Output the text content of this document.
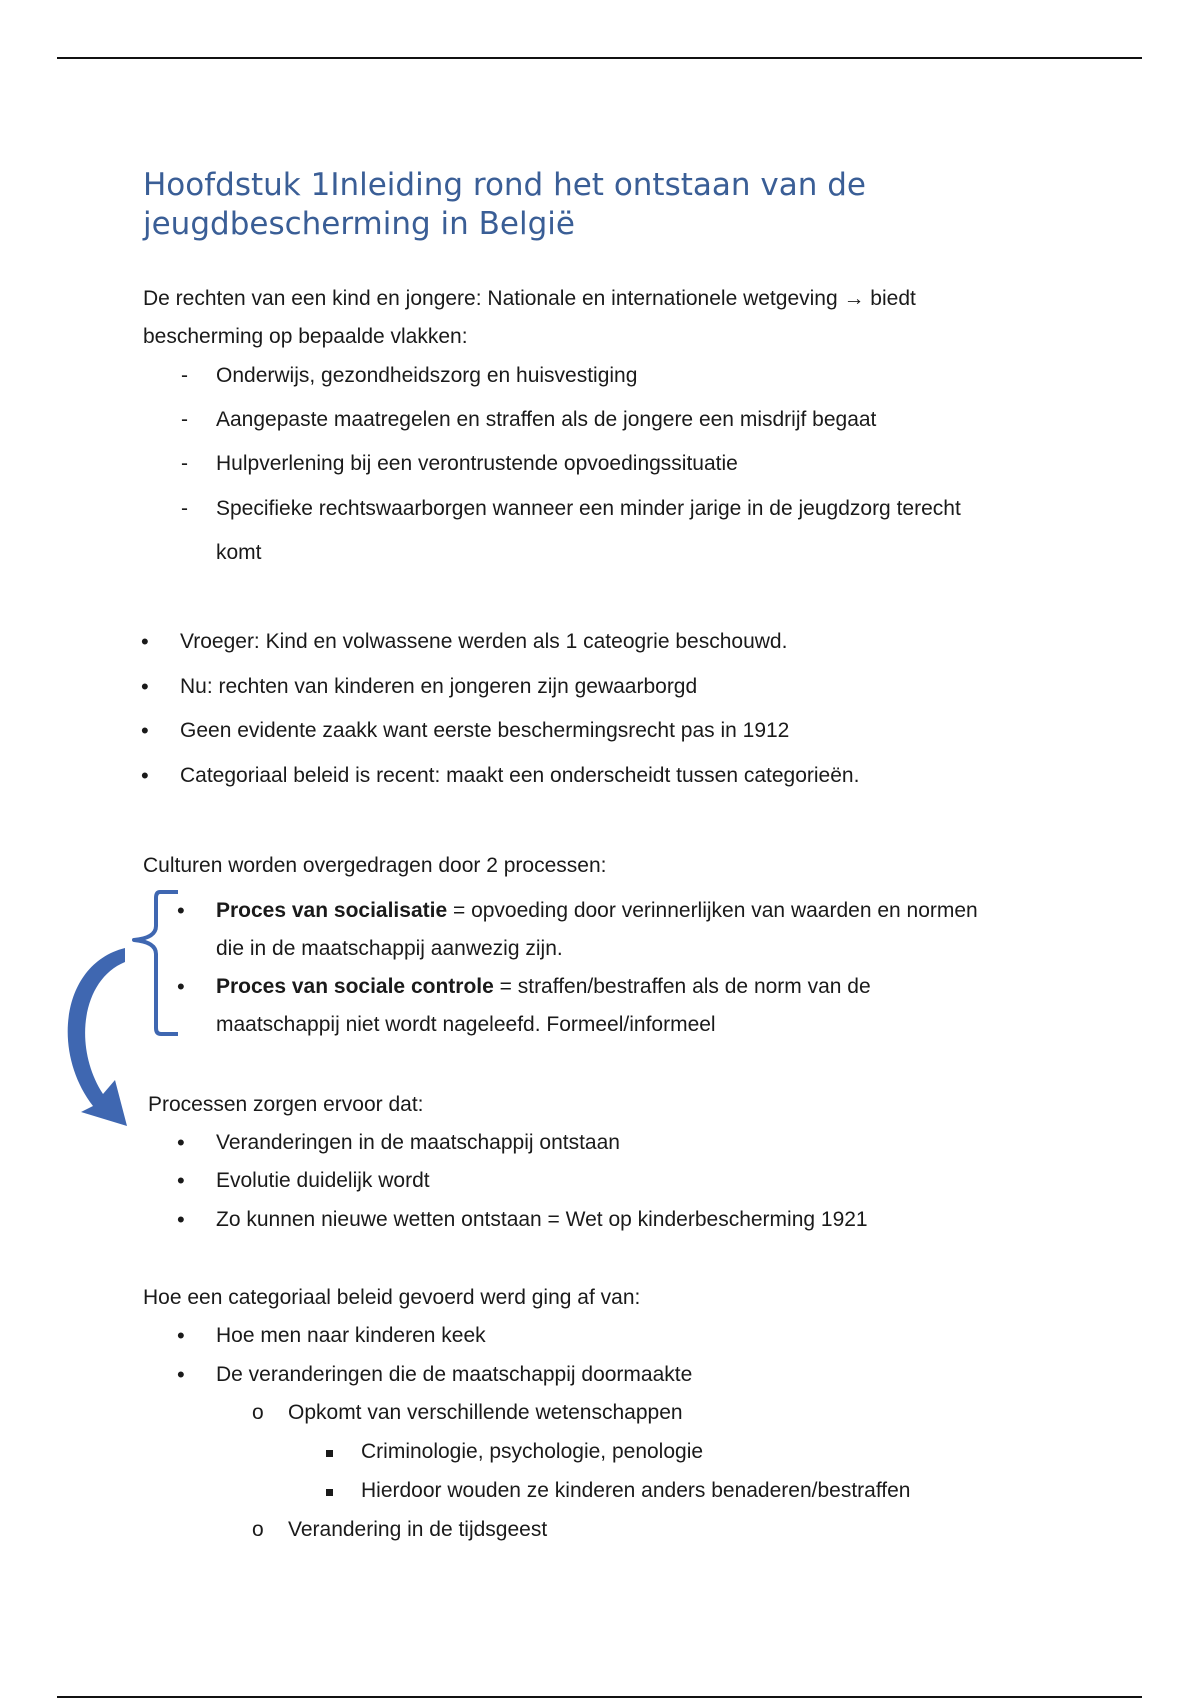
Hoofdstuk 1Inleiding rond het ontstaan van de jeugdbescherming in België

De rechten van een kind en jongere: Nationale en internationele wetgeving → biedt

bescherming op bepaalde vlakken:

- Onderwijs, gezondheidszorg en huisvestiging

- Aangepaste maatregelen en straffen als de jongere een misdrijf begaat

- Hulpverlening bij een verontrustende opvoedingssituatie

- Specifieke rechtswaarborgen wanneer een minder jarige in de jeugdzorg terecht

komt

• Vroeger: Kind en volwassene werden als 1 cateogrie beschouwd.

• Nu: rechten van kinderen en jongeren zijn gewaarborgd

• Geen evidente zaakk want eerste beschermingsrecht pas in 1912

• Categoriaal beleid is recent: maakt een onderscheidt tussen categorieën.

Culturen worden overgedragen door 2 processen:

• Proces van socialisatie = opvoeding door verinnerlijken van waarden en normen

die in de maatschappij aanwezig zijn.

• Proces van sociale controle = straffen/bestraffen als de norm van de

maatschappij niet wordt nageleefd. Formeel/informeel

Processen zorgen ervoor dat:

• Veranderingen in de maatschappij ontstaan

• Evolutie duidelijk wordt

• Zo kunnen nieuwe wetten ontstaan = Wet op kinderbescherming 1921

Hoe een categoriaal beleid gevoerd werd ging af van:

• Hoe men naar kinderen keek

• De veranderingen die de maatschappij doormaakte

o Opkomt van verschillende wetenschappen

Criminologie, psychologie, penologie

Hierdoor wouden ze kinderen anders benaderen/bestraffen

o Verandering in de tijdsgeest
